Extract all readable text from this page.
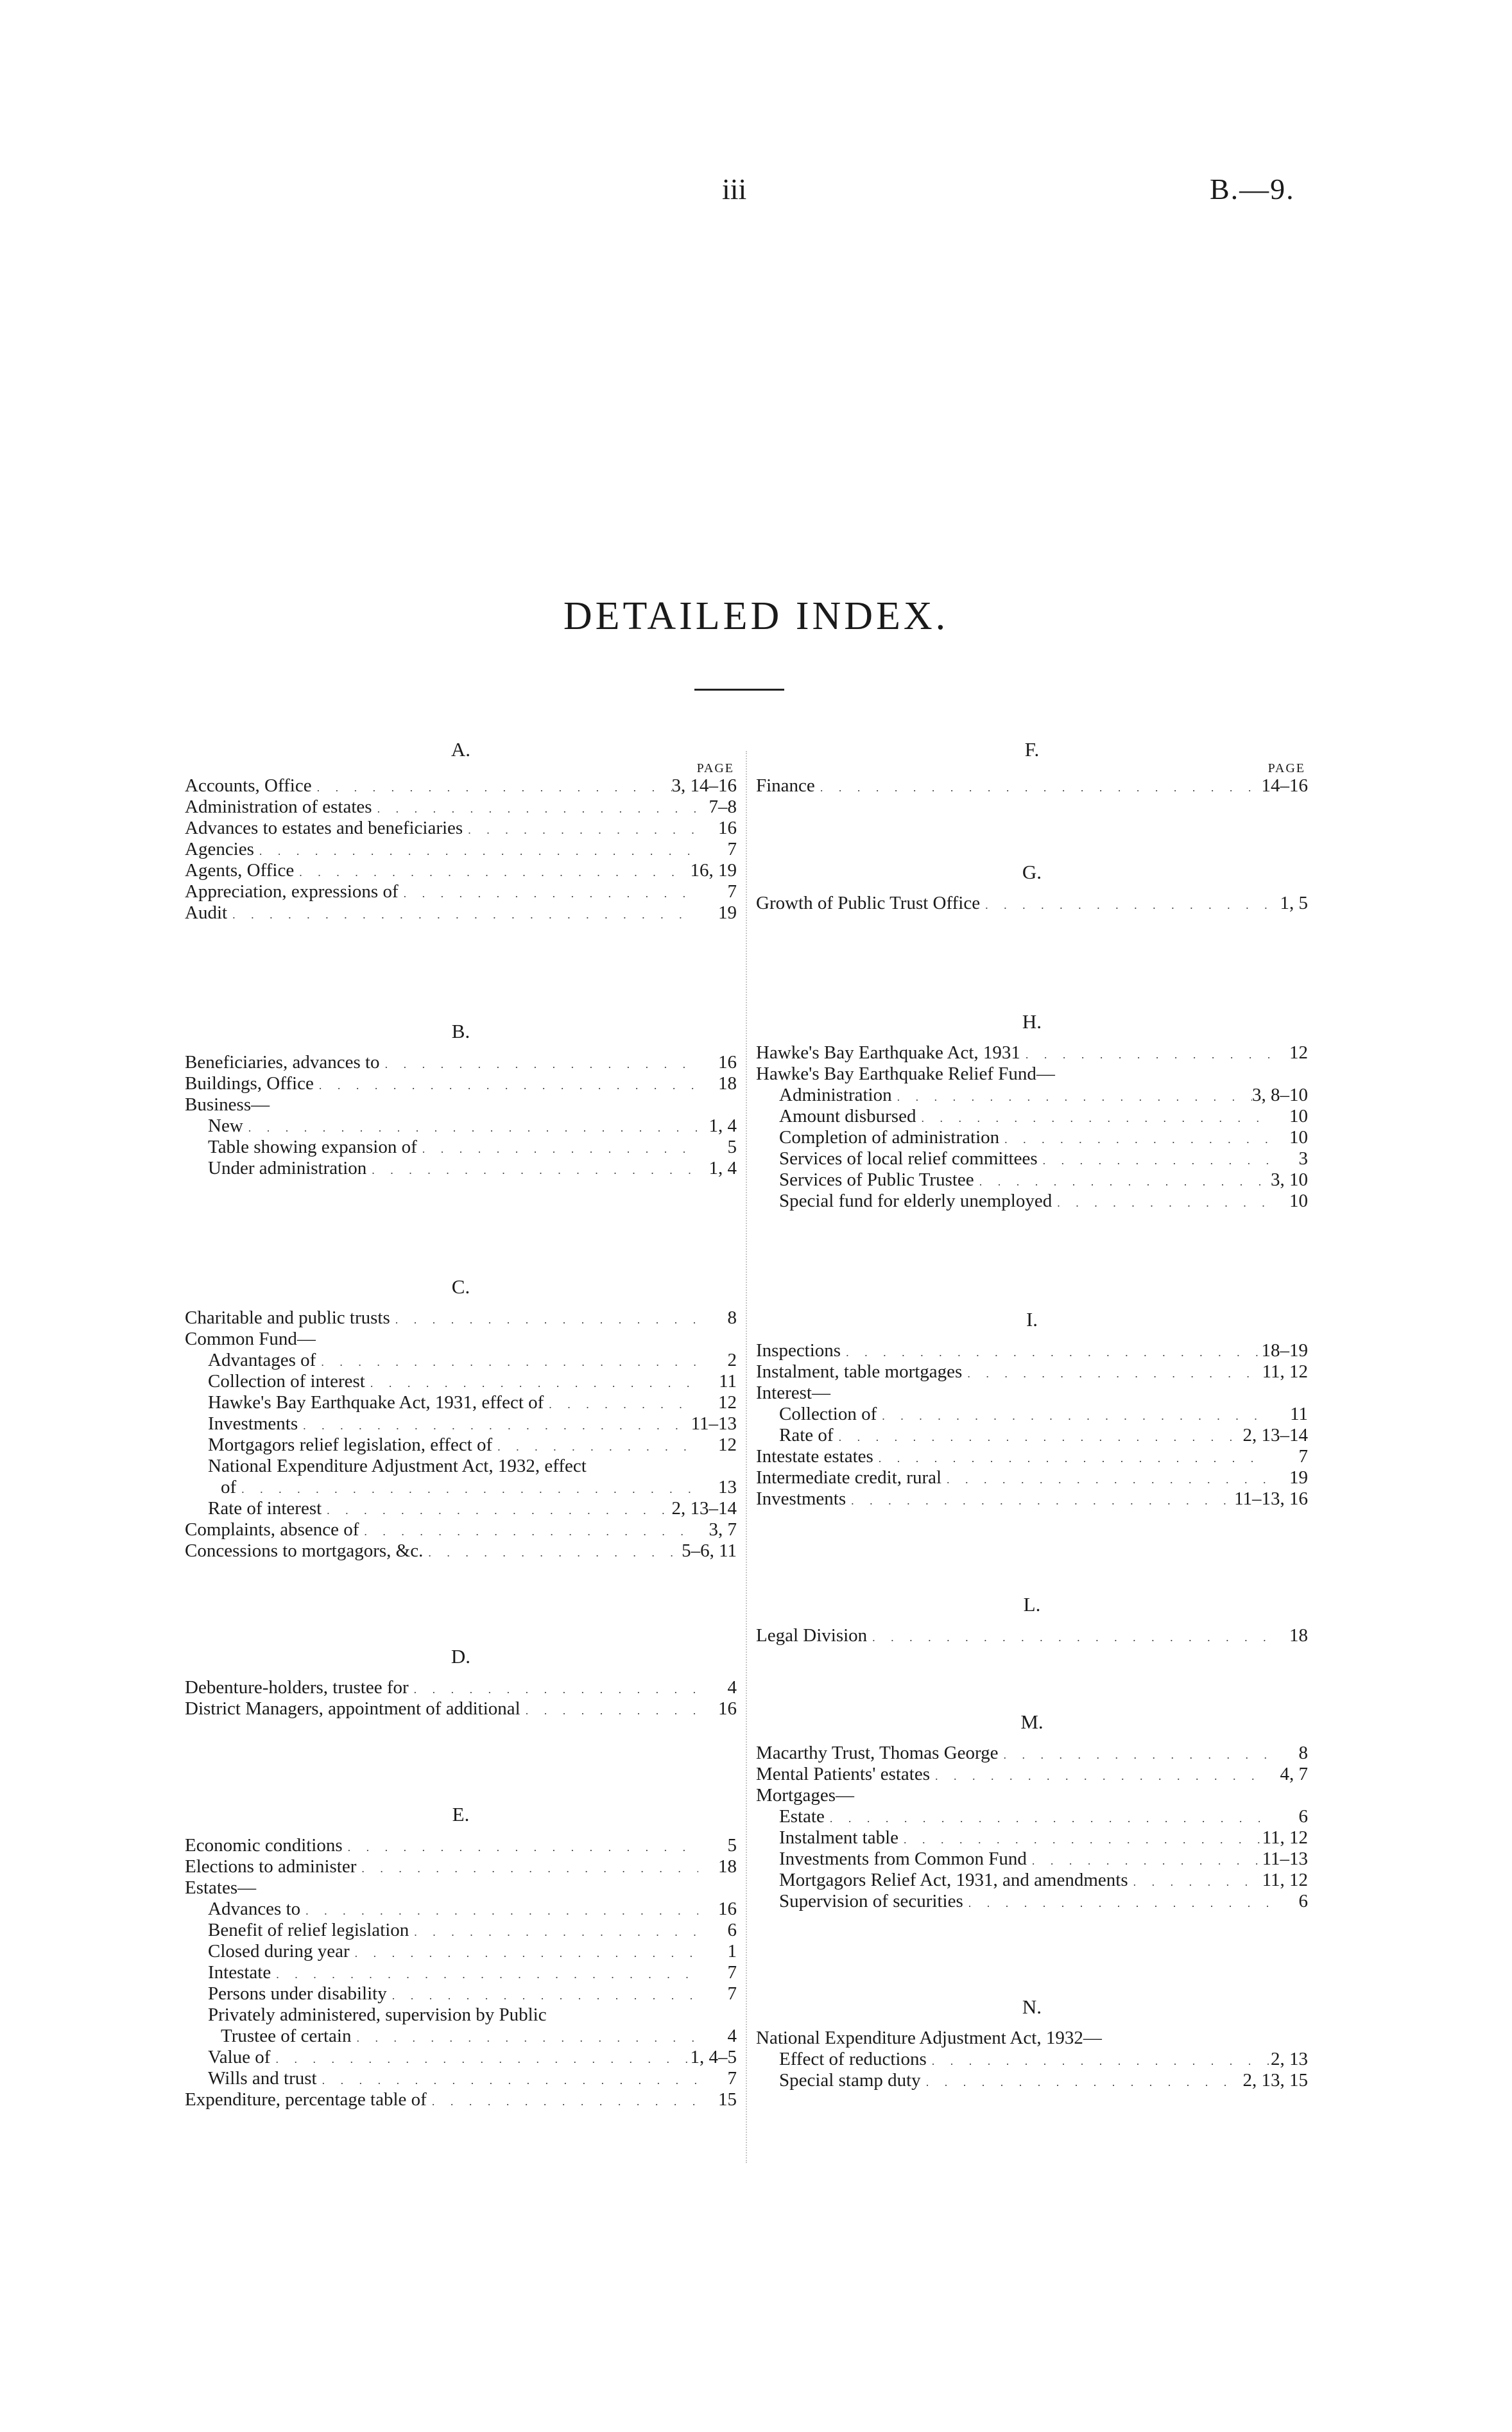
iii	B.—9.
DETAILED INDEX.
A.
PAGE
Accounts, Office . . .	3, 14–16
Administration of estates . . .	7–8
Advances to estates and beneficiaries . . .	16
Agencies . . .	7
Agents, Office . . .	16, 19
Appreciation, expressions of . . .	7
Audit . . .	19
B.
Beneficiaries, advances to . . .	16
Buildings, Office . . .	18
Business—
New . . .	1, 4
Table showing expansion of . . .	5
Under administration . . .	1, 4
C.
Charitable and public trusts . . .	8
Common Fund—
Advantages of . . .	2
Collection of interest . . .	11
Hawke's Bay Earthquake Act, 1931, effect of . . .	12
Investments . . .	11–13
Mortgagors relief legislation, effect of . . .	12
National Expenditure Adjustment Act, 1932, effect
of . . .	13
Rate of interest . . .	2, 13–14
Complaints, absence of . . .	3, 7
Concessions to mortgagors, &c. . . .	5–6, 11
D.
Debenture-holders, trustee for . . .	4
District Managers, appointment of additional . . .	16
E.
Economic conditions . . .	5
Elections to administer . . .	18
Estates—
Advances to . . .	16
Benefit of relief legislation . . .	6
Closed during year . . .	1
Intestate . . .	7
Persons under disability . . .	7
Privately administered, supervision by Public
Trustee of certain . . .	4
Value of . . .	1, 4–5
Wills and trust . . .	7
Expenditure, percentage table of . . .	15
F.
PAGE
Finance . . .	14–16
G.
Growth of Public Trust Office . . .	1, 5
H.
Hawke's Bay Earthquake Act, 1931 . . .	12
Hawke's Bay Earthquake Relief Fund—
Administration . . .	3, 8–10
Amount disbursed . . .	10
Completion of administration . . .	10
Services of local relief committees . . .	3
Services of Public Trustee . . .	3, 10
Special fund for elderly unemployed . . .	10
I.
Inspections . . .	18–19
Instalment, table mortgages . . .	11, 12
Interest—
Collection of . . .	11
Rate of . . .	2, 13–14
Intestate estates . . .	7
Intermediate credit, rural . . .	19
Investments . . .	11–13, 16
L.
Legal Division . . .	18
M.
Macarthy Trust, Thomas George . . .	8
Mental Patients' estates . . .	4, 7
Mortgages—
Estate . . .	6
Instalment table . . .	11, 12
Investments from Common Fund . . .	11–13
Mortgagors Relief Act, 1931, and amendments . . .	11, 12
Supervision of securities . . .	6
N.
National Expenditure Adjustment Act, 1932—
Effect of reductions . . .	2, 13
Special stamp duty . . .	2, 13, 15
